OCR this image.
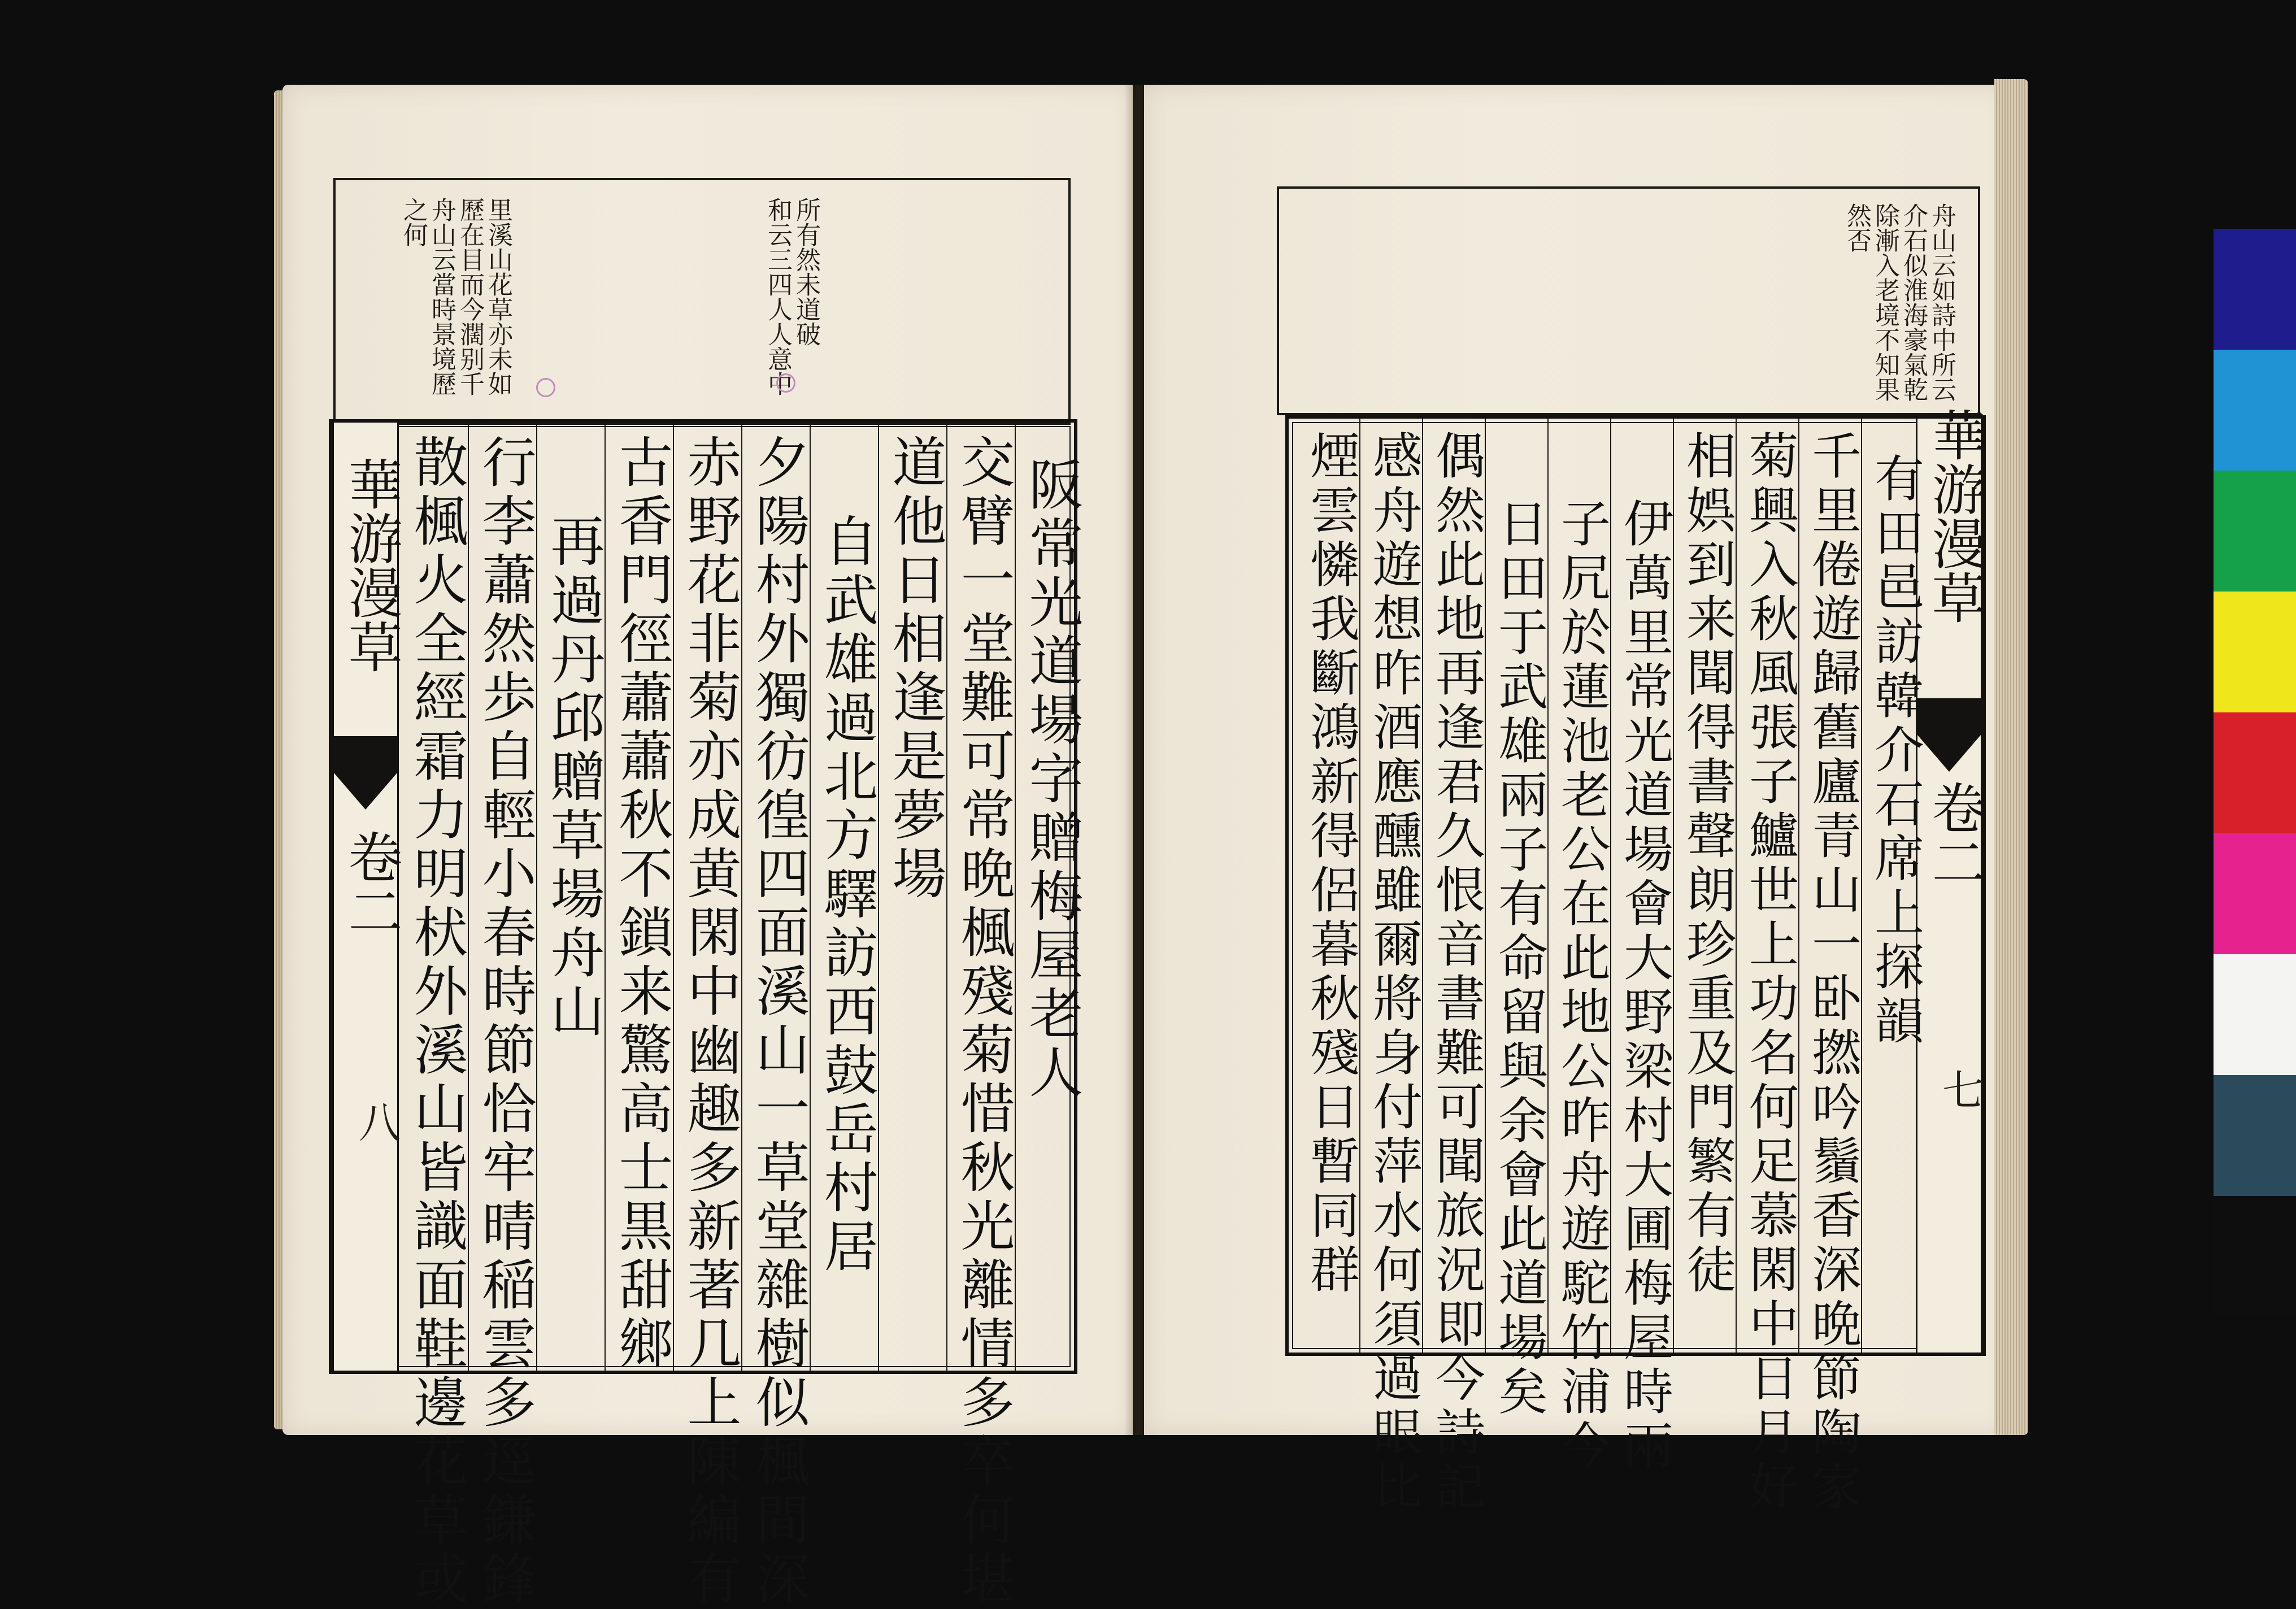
和云三四人人意中 所有然未道破
舟山云當時景境歷 歷在目而今濶别千 里溪山花草亦未如
之何
華游漫草
卷二
八
阪常光道場字贈梅屋老人
交臂一堂難可常晩楓殘菊惜秋光離情多卒何堪
道他日相逢是夢場
自武雄過北方驛訪西鼓岳村居
夕陽村外獨彷徨四面溪山一草堂雜樹似楓間深
赤野花非菊亦成黄閑中幽趣多新著几上陳編有
古香門徑蕭蕭秋不鎖来驚高士黒甜鄉
再過丹邱贈草場舟山
行李蕭然歩自輕小春時節恰牢晴稲雲多逕鎌鋒
散楓火全經霜力明枤外溪山皆識面鞋邊花草或
舟山云如詩中所云
介石似淮海豪氣乾
除漸入老境不知果
然否
華游漫草
卷二
七
有田邑訪韓介石席上探韻
千里倦遊歸舊廬青山一卧撚吟鬚香深晩節陶家
菊興入秋風張子鱸世上功名何足慕閑中日月好
相娯到来聞得書聲朗珍重及門繁有徒
伊萬里常光道場會大野梁村大圃梅屋時兩
子凥於蓮池老公在此地公昨舟遊駝竹浦今
日田于武雄兩子有命留與余會此道場矣
偶然此地再逢君久恨音書難可聞旅況即今詩記
感舟遊想昨酒應醺雖爾將身付萍水何須過眼比
煙雲憐我斷鴻新得侶暮秋殘日暫同群
